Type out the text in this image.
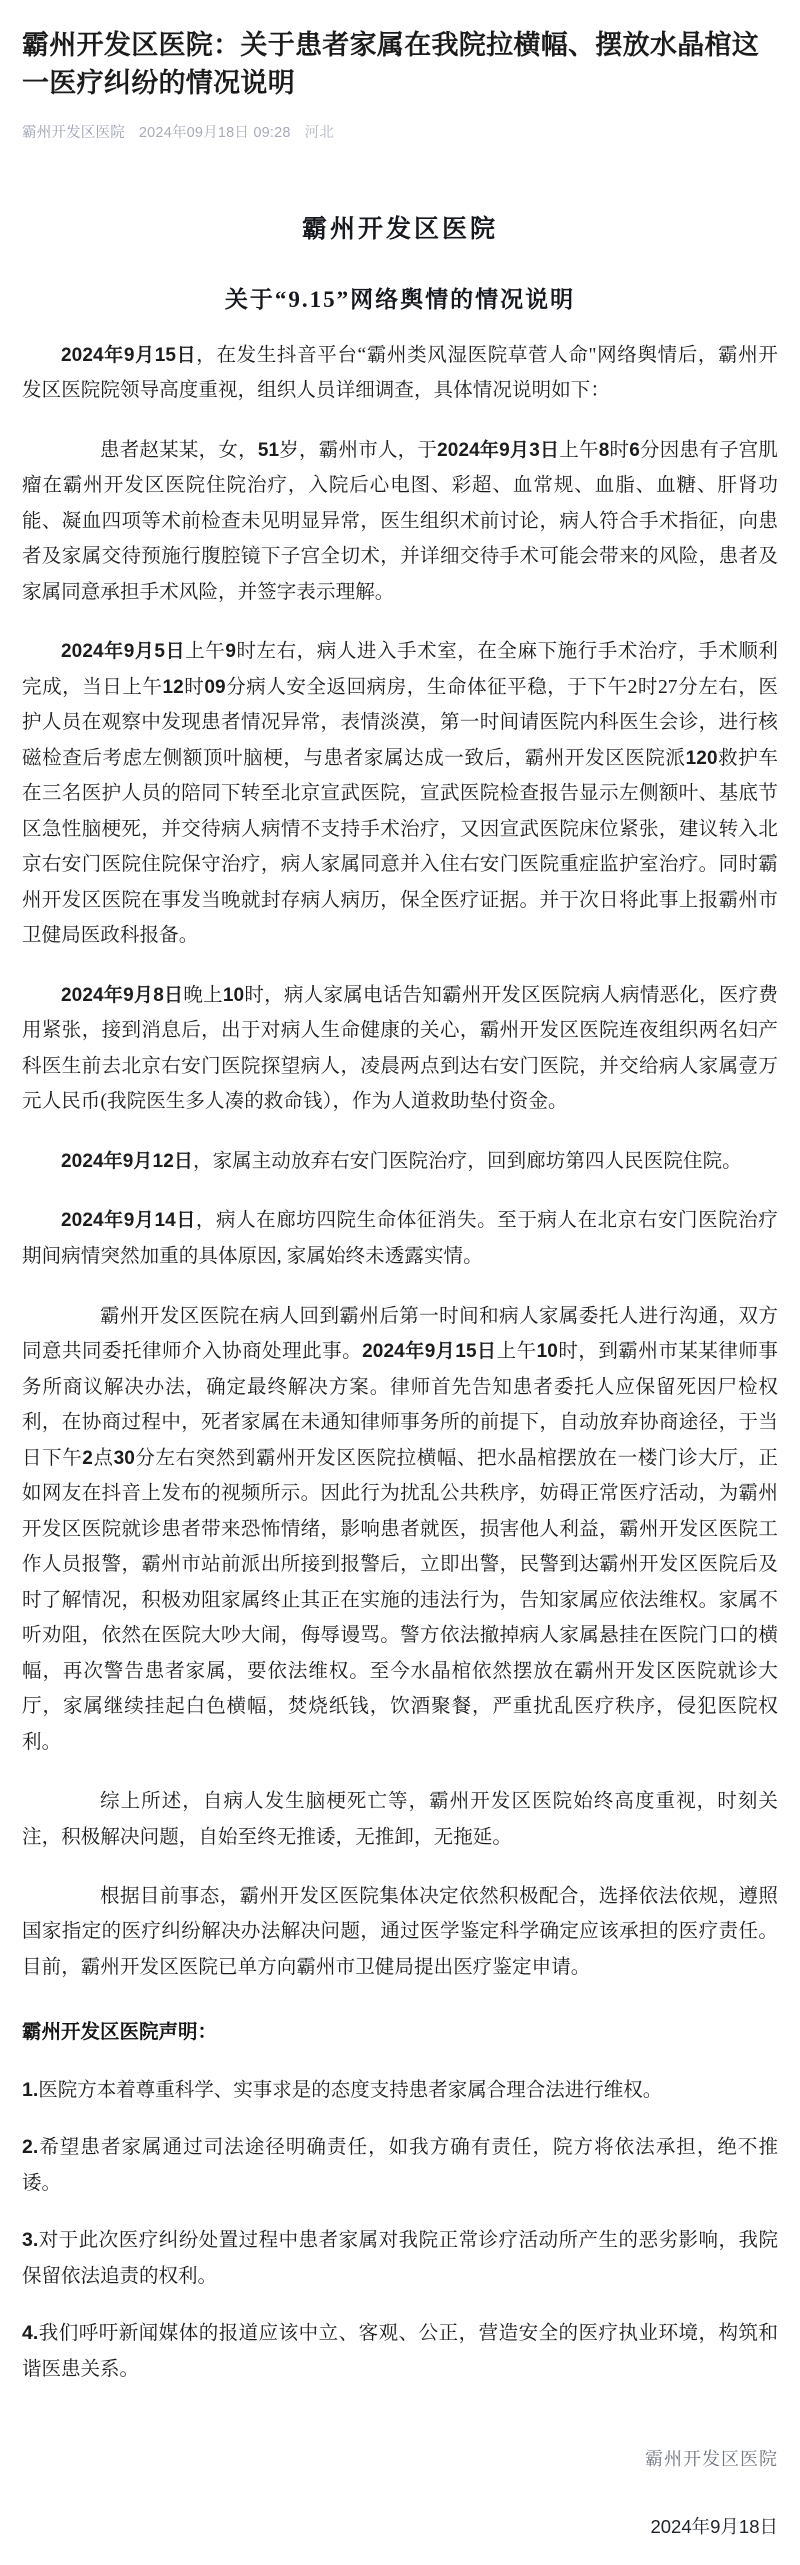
霸州开发区医院：关于患者家属在我院拉横幅、摆放水晶棺这一医疗纠纷的情况说明
霸州开发区医院 2024年09月18日 09:28 河北
霸州开发区医院
关于“9.15”网络舆情的情况说明
2024年9月15日，在发生抖音平台“霸州类风湿医院草菅人命"网络舆情后，霸州开发区医院院领导高度重视，组织人员详细调查，具体情况说明如下：
患者赵某某，女，51岁，霸州市人，于2024年9月3日上午8时6分因患有子宫肌瘤在霸州开发区医院住院治疗，入院后心电图、彩超、血常规、血脂、血糖、肝肾功能、凝血四项等术前检查未见明显异常，医生组织术前讨论，病人符合手术指征，向患者及家属交待预施行腹腔镜下子宫全切术，并详细交待手术可能会带来的风险，患者及家属同意承担手术风险，并签字表示理解。
2024年9月5日上午9时左右，病人进入手术室，在全麻下施行手术治疗，手术顺利完成，当日上午12时09分病人安全返回病房，生命体征平稳，于下午2时27分左右，医护人员在观察中发现患者情况异常，表情淡漠，第一时间请医院内科医生会诊，进行核磁检查后考虑左侧额顶叶脑梗，与患者家属达成一致后，霸州开发区医院派120救护车在三名医护人员的陪同下转至北京宣武医院，宣武医院检查报告显示左侧额叶、基底节区急性脑梗死，并交待病人病情不支持手术治疗，又因宣武医院床位紧张，建议转入北京右安门医院住院保守治疗，病人家属同意并入住右安门医院重症监护室治疗。同时霸州开发区医院在事发当晚就封存病人病历，保全医疗证据。并于次日将此事上报霸州市卫健局医政科报备。
2024年9月8日晚上10时，病人家属电话告知霸州开发区医院病人病情恶化，医疗费用紧张，接到消息后，出于对病人生命健康的关心，霸州开发区医院连夜组织两名妇产科医生前去北京右安门医院探望病人，凌晨两点到达右安门医院，并交给病人家属壹万元人民币(我院医生多人凑的救命钱），作为人道救助垫付资金。
2024年9月12日，家属主动放弃右安门医院治疗，回到廊坊第四人民医院住院。
2024年9月14日，病人在廊坊四院生命体征消失。至于病人在北京右安门医院治疗期间病情突然加重的具体原因, 家属始终未透露实情。
霸州开发区医院在病人回到霸州后第一时间和病人家属委托人进行沟通，双方同意共同委托律师介入协商处理此事。2024年9月15日上午10时，到霸州市某某律师事务所商议解决办法，确定最终解决方案。律师首先告知患者委托人应保留死因尸检权利，在协商过程中，死者家属在未通知律师事务所的前提下，自动放弃协商途径，于当日下午2点30分左右突然到霸州开发区医院拉横幅、把水晶棺摆放在一楼门诊大厅，正如网友在抖音上发布的视频所示。因此行为扰乱公共秩序，妨碍正常医疗活动，为霸州开发区医院就诊患者带来恐怖情绪，影响患者就医，损害他人利益，霸州开发区医院工作人员报警，霸州市站前派出所接到报警后，立即出警，民警到达霸州开发区医院后及时了解情况，积极劝阻家属终止其正在实施的违法行为，告知家属应依法维权。家属不听劝阻，依然在医院大吵大闹，侮辱谩骂。警方依法撤掉病人家属悬挂在医院门口的横幅，再次警告患者家属，要依法维权。至今水晶棺依然摆放在霸州开发区医院就诊大厅，家属继续挂起白色横幅，焚烧纸钱，饮酒聚餐，严重扰乱医疗秩序，侵犯医院权利。
综上所述，自病人发生脑梗死亡等，霸州开发区医院始终高度重视，时刻关注，积极解决问题，自始至终无推诿，无推卸，无拖延。
根据目前事态，霸州开发区医院集体决定依然积极配合，选择依法依规，遵照国家指定的医疗纠纷解决办法解决问题，通过医学鉴定科学确定应该承担的医疗责任。目前，霸州开发区医院已单方向霸州市卫健局提出医疗鉴定申请。
霸州开发区医院声明：
1.医院方本着尊重科学、实事求是的态度支持患者家属合理合法进行维权。
2.希望患者家属通过司法途径明确责任，如我方确有责任，院方将依法承担，绝不推诿。
3.对于此次医疗纠纷处置过程中患者家属对我院正常诊疗活动所产生的恶劣影响，我院保留依法追责的权利。
4.我们呼吁新闻媒体的报道应该中立、客观、公正，营造安全的医疗执业环境，构筑和谐医患关系。
霸州开发区医院
2024年9月18日
